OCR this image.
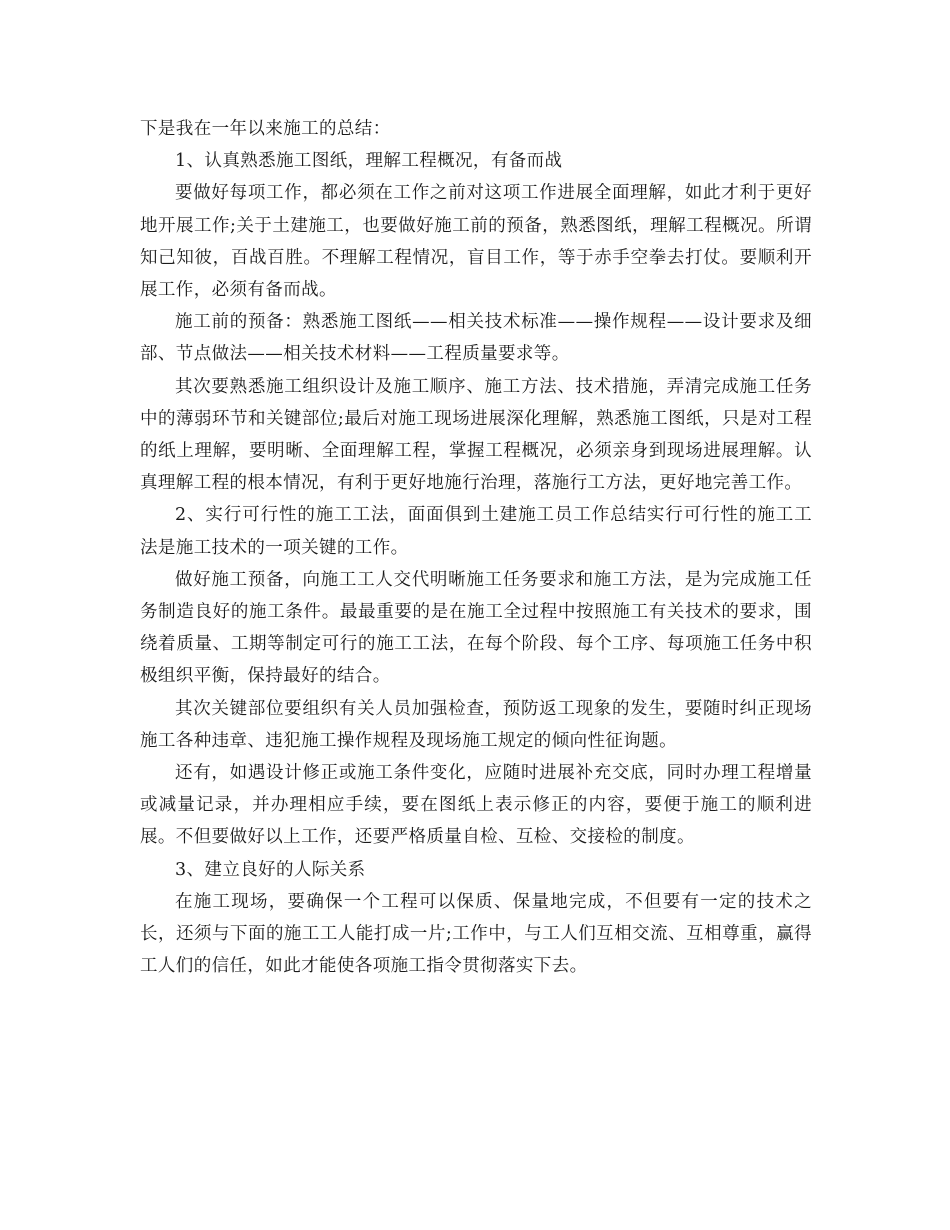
下是我在一年以来施工的总结：

1、认真熟悉施工图纸，理解工程概况，有备而战

要做好每项工作，都必须在工作之前对这项工作进展全面理解，如此才利于更好地开展工作;关于土建施工，也要做好施工前的预备，熟悉图纸，理解工程概况。所谓知己知彼，百战百胜。不理解工程情况，盲目工作，等于赤手空拳去打仗。要顺利开展工作，必须有备而战。

施工前的预备：熟悉施工图纸——相关技术标准——操作规程——设计要求及细部、节点做法——相关技术材料——工程质量要求等。

其次要熟悉施工组织设计及施工顺序、施工方法、技术措施，弄清完成施工任务中的薄弱环节和关键部位;最后对施工现场进展深化理解，熟悉施工图纸，只是对工程的纸上理解，要明晰、全面理解工程，掌握工程概况，必须亲身到现场进展理解。认真理解工程的根本情况，有利于更好地施行治理，落施行工方法，更好地完善工作。

2、实行可行性的施工工法，面面俱到土建施工员工作总结实行可行性的施工工法是施工技术的一项关键的工作。

做好施工预备，向施工工人交代明晰施工任务要求和施工方法，是为完成施工任务制造良好的施工条件。最最重要的是在施工全过程中按照施工有关技术的要求，围绕着质量、工期等制定可行的施工工法，在每个阶段、每个工序、每项施工任务中积极组织平衡，保持最好的结合。

其次关键部位要组织有关人员加强检查，预防返工现象的发生，要随时纠正现场施工各种违章、违犯施工操作规程及现场施工规定的倾向性征询题。

还有，如遇设计修正或施工条件变化，应随时进展补充交底，同时办理工程增量或减量记录，并办理相应手续，要在图纸上表示修正的内容，要便于施工的顺利进展。不但要做好以上工作，还要严格质量自检、互检、交接检的制度。

3、建立良好的人际关系

在施工现场，要确保一个工程可以保质、保量地完成，不但要有一定的技术之长，还须与下面的施工工人能打成一片;工作中，与工人们互相交流、互相尊重，赢得工人们的信任，如此才能使各项施工指令贯彻落实下去。
